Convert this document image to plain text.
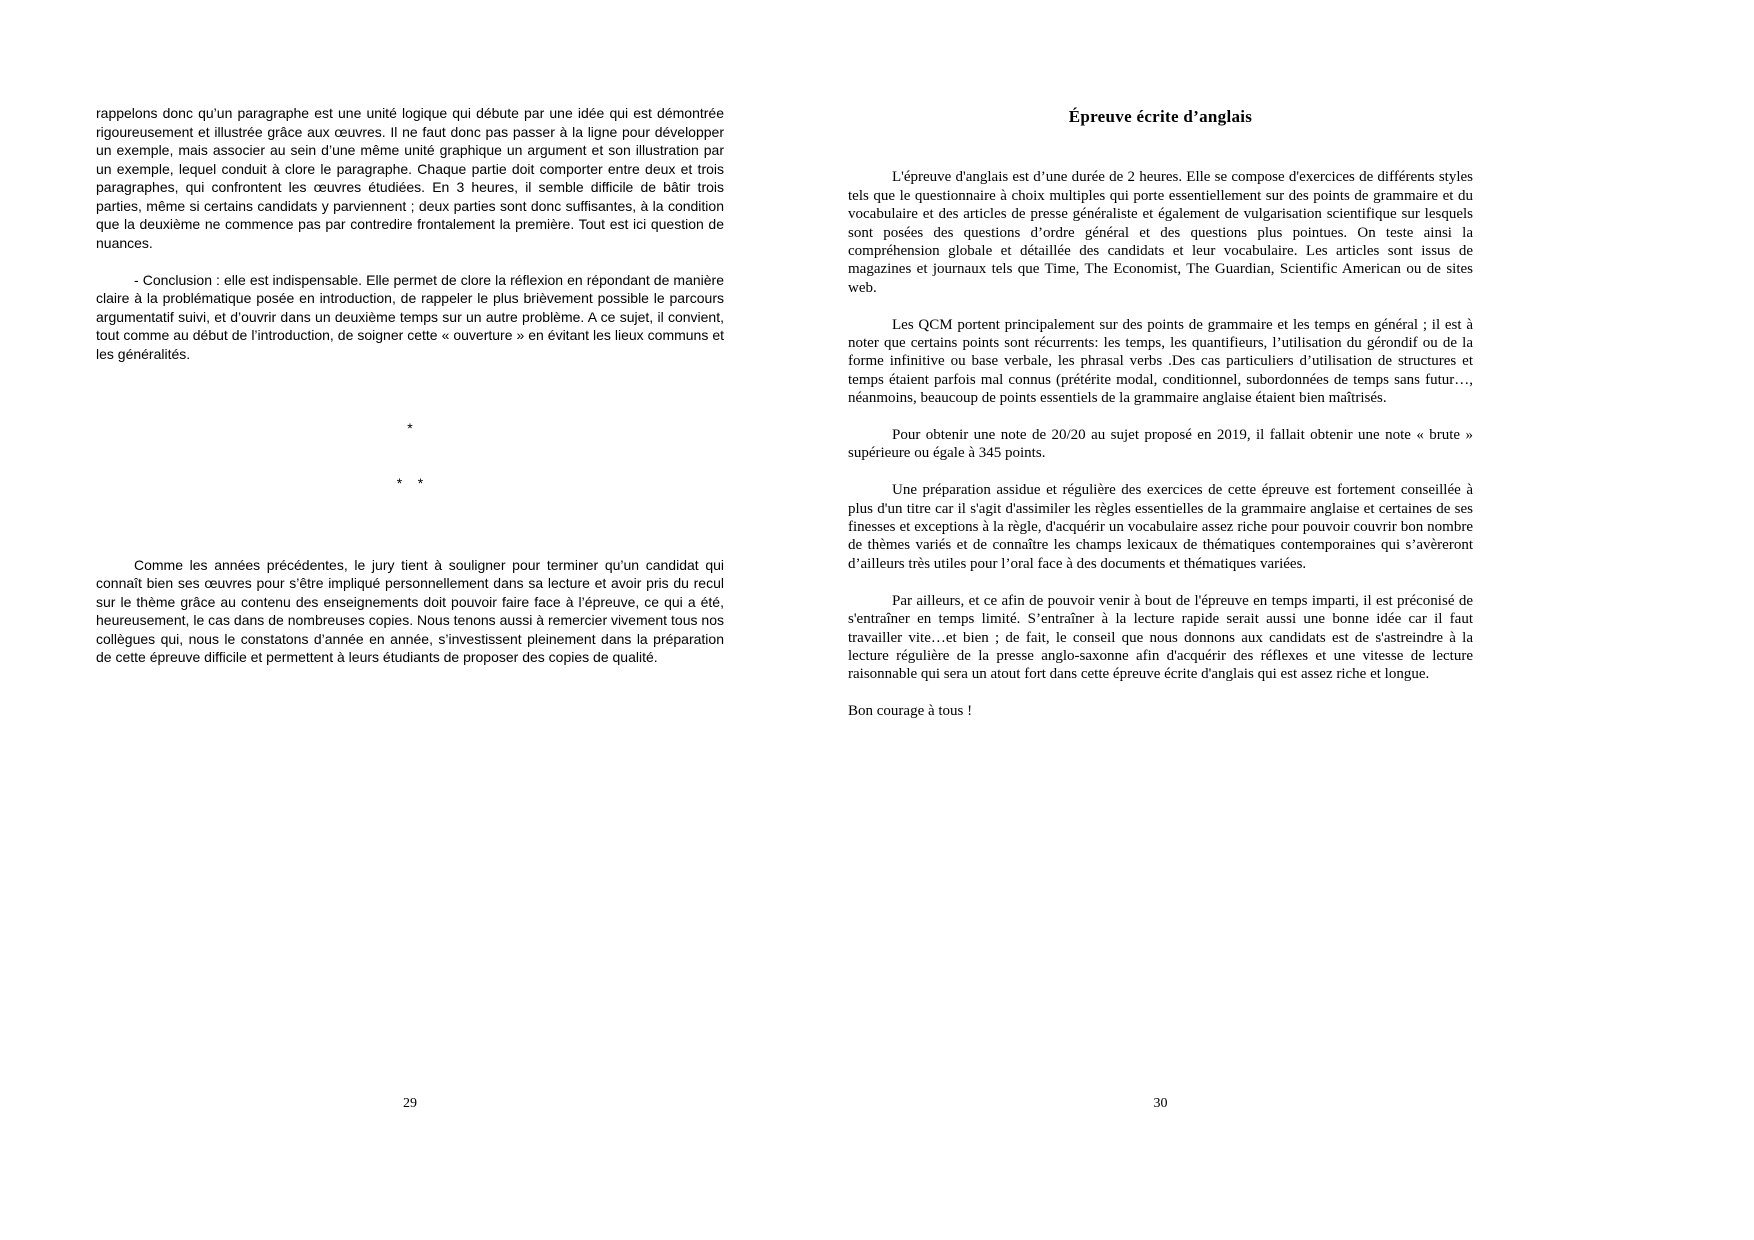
rappelons donc qu’un paragraphe est une unité logique qui débute par une idée qui est démontrée rigoureusement et illustrée grâce aux œuvres. Il ne faut donc pas passer à la ligne pour développer un exemple, mais associer au sein d’une même unité graphique un argument et son illustration par un exemple, lequel conduit à clore le paragraphe. Chaque partie doit comporter entre deux et trois paragraphes, qui confrontent les œuvres étudiées. En 3 heures, il semble difficile de bâtir trois parties, même si certains candidats y parviennent ; deux parties sont donc suffisantes, à la condition que la deuxième ne commence pas par contredire frontalement la première. Tout est ici question de nuances.

- Conclusion : elle est indispensable. Elle permet de clore la réflexion en répondant de manière claire à la problématique posée en introduction, de rappeler le plus brièvement possible le parcours argumentatif suivi, et d’ouvrir dans un deuxième temps sur un autre problème. A ce sujet, il convient, tout comme au début de l’introduction, de soigner cette « ouverture » en évitant les lieux communs et les généralités.

*

*    *

Comme les années précédentes, le jury tient à souligner pour terminer qu’un candidat qui connaît bien ses œuvres pour s’être impliqué personnellement dans sa lecture et avoir pris du recul sur le thème grâce au contenu des enseignements doit pouvoir faire face à l’épreuve, ce qui a été, heureusement, le cas dans de nombreuses copies. Nous tenons aussi à remercier vivement tous nos collègues qui, nous le constatons d’année en année, s’investissent pleinement dans la préparation de cette épreuve difficile et permettent à leurs étudiants de proposer des copies de qualité.

Épreuve écrite d’anglais

L'épreuve d'anglais est d’une durée de 2 heures. Elle se compose d'exercices de différents styles tels que le questionnaire à choix multiples qui porte essentiellement sur des points de grammaire et du vocabulaire et des articles de presse généraliste et également de vulgarisation scientifique sur lesquels sont posées des questions d’ordre général et des questions plus pointues. On teste ainsi la compréhension globale et détaillée des candidats et leur vocabulaire. Les articles sont issus de magazines et journaux tels que Time, The Economist, The Guardian, Scientific American ou de sites web.

Les QCM portent principalement sur des points de grammaire et les temps en général ; il est à noter que certains points sont récurrents: les temps, les quantifieurs, l’utilisation du gérondif ou de la forme infinitive ou base verbale, les phrasal verbs .Des cas particuliers d’utilisation de structures et temps étaient parfois mal connus (prétérite modal, conditionnel, subordonnées de temps sans futur…, néanmoins, beaucoup de points essentiels de la grammaire anglaise étaient bien maîtrisés.

Pour obtenir une note de 20/20 au sujet proposé en 2019, il fallait obtenir une note « brute » supérieure ou égale à 345 points.

Une préparation assidue et régulière des exercices de cette épreuve est fortement conseillée à plus d'un titre car il s'agit d'assimiler les règles essentielles de la grammaire anglaise et certaines de ses finesses et exceptions à la règle, d'acquérir un vocabulaire assez riche pour pouvoir couvrir bon nombre de thèmes variés et de connaître les champs lexicaux de thématiques contemporaines qui s’avèreront d’ailleurs très utiles pour l’oral face à des documents et thématiques variées.

Par ailleurs, et ce afin de pouvoir venir à bout de l'épreuve en temps imparti, il est préconisé de s'entraîner en temps limité. S’entraîner à la lecture rapide serait aussi une bonne idée car il faut travailler vite…et bien ; de fait, le conseil que nous donnons aux candidats est de s'astreindre à la lecture régulière de la presse anglo-saxonne afin d'acquérir des réflexes et une vitesse de lecture raisonnable qui sera un atout fort dans cette épreuve écrite d'anglais qui est assez riche et longue.

Bon courage à tous !

29	30
